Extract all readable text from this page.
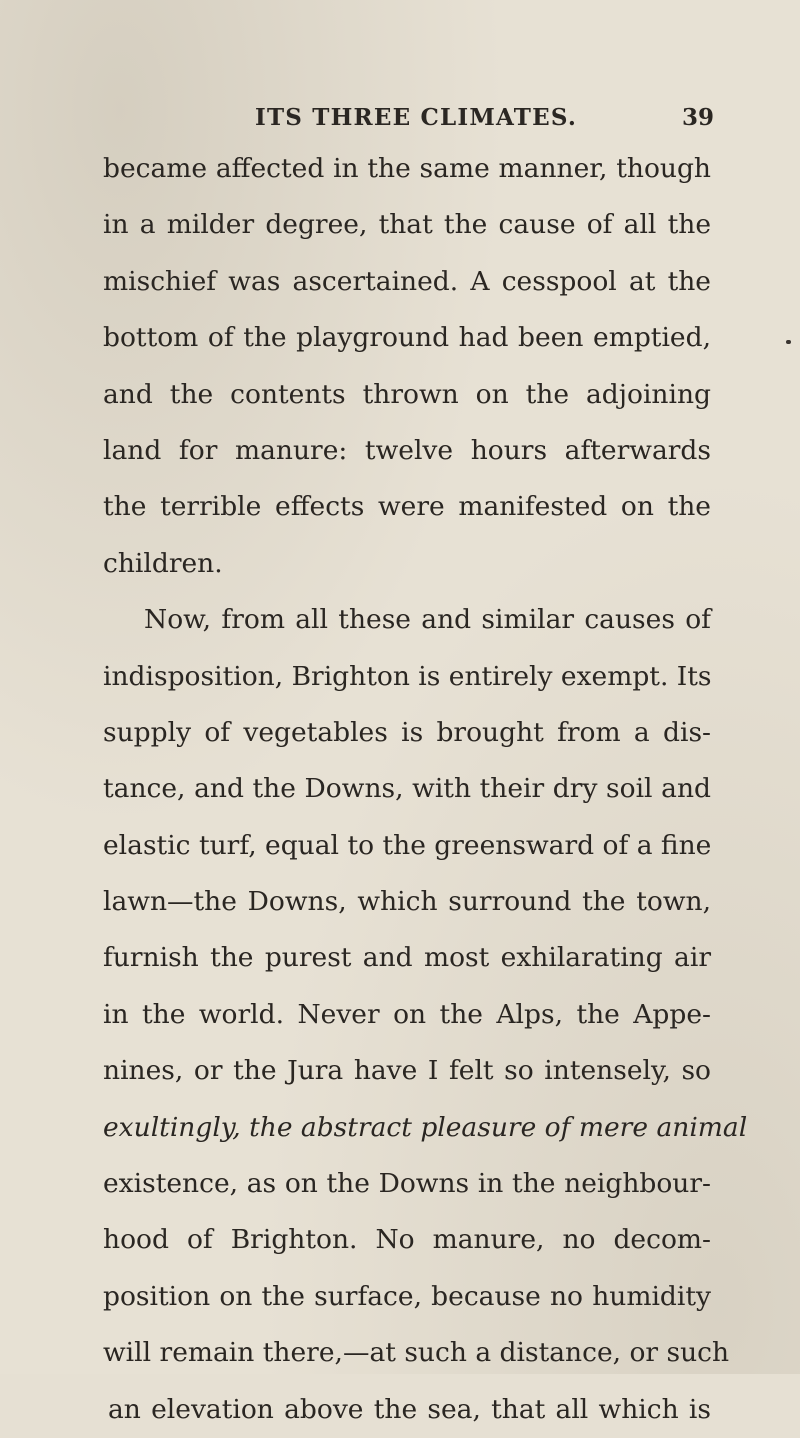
ITS THREE CLIMATES.	39
became affected in the same manner, though
in a milder degree, that the cause of all the
mischief was ascertained. A cesspool at the
bottom of the playground had been emptied,
and the contents thrown on the adjoining
land for manure: twelve hours afterwards
the terrible effects were manifested on the
children.
Now, from all these and similar causes of
indisposition, Brighton is entirely exempt. Its
supply of vegetables is brought from a dis-
tance, and the Downs, with their dry soil and
elastic turf, equal to the greensward of a fine
lawn—the Downs, which surround the town,
furnish the purest and most exhilarating air
in the world. Never on the Alps, the Appe-
nines, or the Jura have I felt so intensely, so
exultingly, the abstract pleasure of mere animal
existence, as on the Downs in the neighbour-
hood of Brighton. No manure, no decom-
position on the surface, because no humidity
will remain there,—at such a distance, or such
an elevation above the sea, that all which is
